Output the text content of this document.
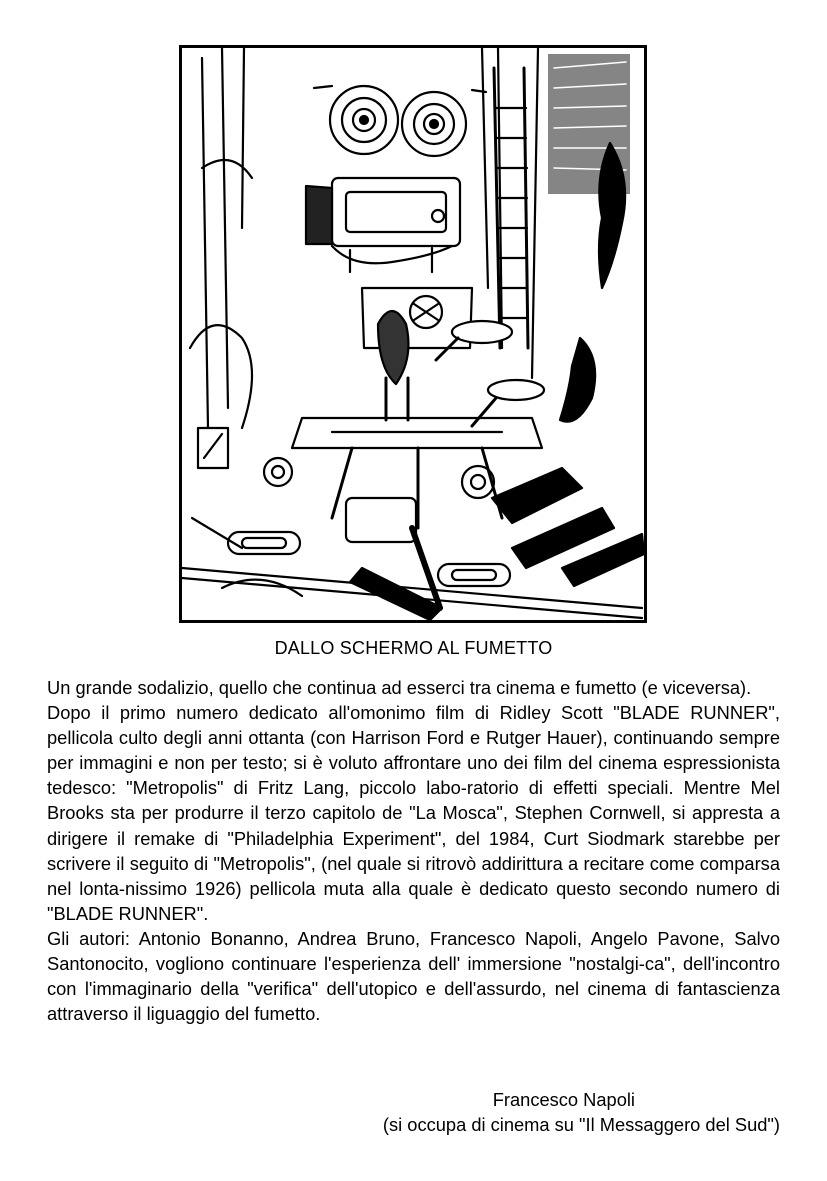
DALLO SCHERMO AL FUMETTO

Un grande sodalizio, quello che continua ad esserci tra cinema e fumetto (e viceversa).

Dopo il primo numero dedicato all'omonimo film di Ridley Scott "BLADE RUNNER", pellicola culto degli anni ottanta (con Harrison Ford e Rutger Hauer), continuando sempre per immagini e non per testo; si è voluto affrontare uno dei film del cinema espressionista tedesco: "Metropolis" di Fritz Lang, piccolo labo-ratorio di effetti speciali. Mentre Mel Brooks sta per produrre il terzo capitolo de "La Mosca", Stephen Cornwell, si appresta a dirigere il remake di "Philadelphia Experiment", del 1984, Curt Siodmark starebbe per scrivere il seguito di "Metropolis", (nel quale si ritrovò addirittura a recitare come comparsa nel lonta-nissimo 1926) pellicola muta alla quale è dedicato questo secondo numero di "BLADE RUNNER".

Gli autori: Antonio Bonanno, Andrea Bruno, Francesco Napoli, Angelo Pavone, Salvo Santonocito, vogliono continuare l'esperienza dell' immersione "nostalgi-ca", dell'incontro con l'immaginario della "verifica" dell'utopico e dell'assurdo, nel cinema di fantascienza attraverso il liguaggio del fumetto.

Francesco Napoli
(si occupa di cinema su "Il Messaggero del Sud")
